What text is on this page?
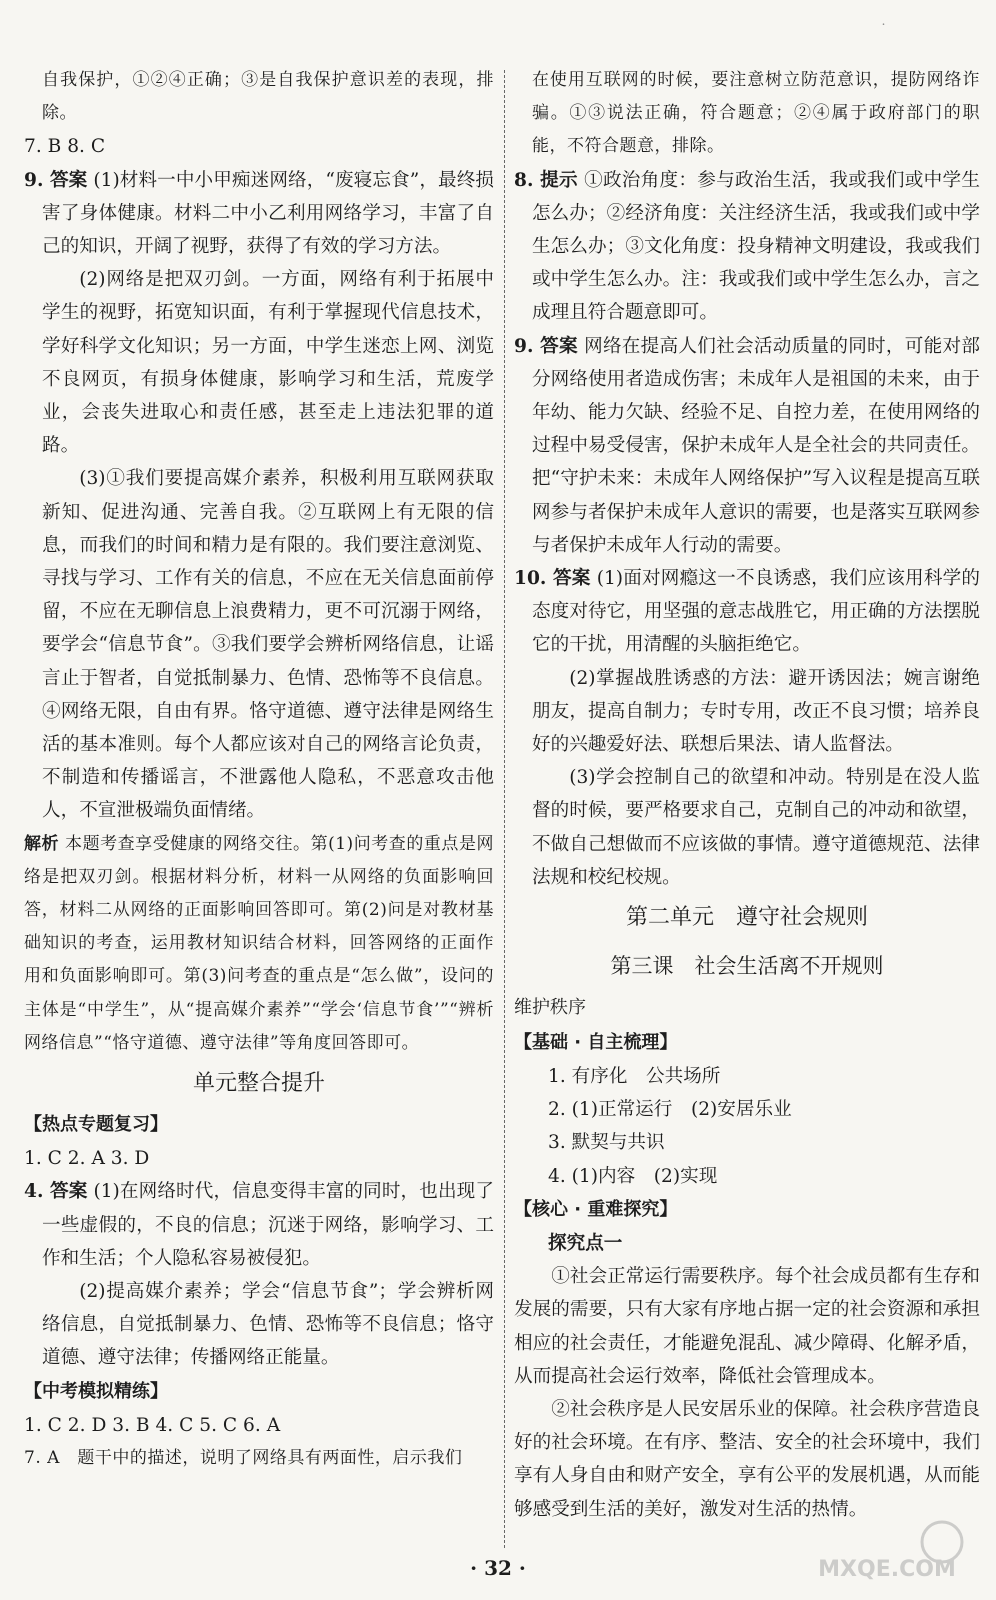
˙

自我保护，①②④正确；③是自我保护意识差的表现，排除。

7. B 8. C

9. 答案 (1)材料一中小甲痴迷网络，“废寝忘食”，最终损害了身体健康。材料二中小乙利用网络学习，丰富了自己的知识，开阔了视野，获得了有效的学习方法。

(2)网络是把双刃剑。一方面，网络有利于拓展中学生的视野，拓宽知识面，有利于掌握现代信息技术，学好科学文化知识；另一方面，中学生迷恋上网、浏览不良网页，有损身体健康，影响学习和生活，荒废学业，会丧失进取心和责任感，甚至走上违法犯罪的道路。

(3)①我们要提高媒介素养，积极利用互联网获取新知、促进沟通、完善自我。②互联网上有无限的信息，而我们的时间和精力是有限的。我们要注意浏览、寻找与学习、工作有关的信息，不应在无关信息面前停留，不应在无聊信息上浪费精力，更不可沉溺于网络，要学会“信息节食”。③我们要学会辨析网络信息，让谣言止于智者，自觉抵制暴力、色情、恐怖等不良信息。④网络无限，自由有界。恪守道德、遵守法律是网络生活的基本准则。每个人都应该对自己的网络言论负责，不制造和传播谣言，不泄露他人隐私，不恶意攻击他人，不宣泄极端负面情绪。

解析 本题考查享受健康的网络交往。第(1)问考查的重点是网络是把双刃剑。根据材料分析，材料一从网络的负面影响回答，材料二从网络的正面影响回答即可。第(2)问是对教材基础知识的考查，运用教材知识结合材料，回答网络的正面作用和负面影响即可。第(3)问考查的重点是“怎么做”，设问的主体是“中学生”，从“提高媒介素养”“学会‘信息节食’”“辨析网络信息”“恪守道德、遵守法律”等角度回答即可。

单元整合提升
【热点专题复习】

1. C 2. A 3. D

4. 答案 (1)在网络时代，信息变得丰富的同时，也出现了一些虚假的，不良的信息；沉迷于网络，影响学习、工作和生活；个人隐私容易被侵犯。

(2)提高媒介素养；学会“信息节食”；学会辨析网络信息，自觉抵制暴力、色情、恐怖等不良信息；恪守道德、遵守法律；传播网络正能量。

【中考模拟精练】

1. C 2. D 3. B 4. C 5. C 6. A

7. A　题干中的描述，说明了网络具有两面性，启示我们

在使用互联网的时候，要注意树立防范意识，提防网络诈骗。①③说法正确，符合题意；②④属于政府部门的职能，不符合题意，排除。

8. 提示 ①政治角度：参与政治生活，我或我们或中学生怎么办；②经济角度：关注经济生活，我或我们或中学生怎么办；③文化角度：投身精神文明建设，我或我们或中学生怎么办。注：我或我们或中学生怎么办，言之成理且符合题意即可。

9. 答案 网络在提高人们社会活动质量的同时，可能对部分网络使用者造成伤害；未成年人是祖国的未来，由于年幼、能力欠缺、经验不足、自控力差，在使用网络的过程中易受侵害，保护未成年人是全社会的共同责任。把“守护未来：未成年人网络保护”写入议程是提高互联网参与者保护未成年人意识的需要，也是落实互联网参与者保护未成年人行动的需要。

10. 答案 (1)面对网瘾这一不良诱惑，我们应该用科学的态度对待它，用坚强的意志战胜它，用正确的方法摆脱它的干扰，用清醒的头脑拒绝它。

(2)掌握战胜诱惑的方法：避开诱因法；婉言谢绝朋友，提高自制力；专时专用，改正不良习惯；培养良好的兴趣爱好法、联想后果法、请人监督法。

(3)学会控制自己的欲望和冲动。特别是在没人监督的时候，要严格要求自己，克制自己的冲动和欲望，不做自己想做而不应该做的事情。遵守道德规范、法律法规和校纪校规。

第二单元　遵守社会规则
第三课　社会生活离不开规则
维护秩序
【基础 · 自主梳理】

1. 有序化　公共场所

2. (1)正常运行　(2)安居乐业

3. 默契与共识

4. (1)内容　(2)实现

【核心 · 重难探究】

探究点一

①社会正常运行需要秩序。每个社会成员都有生存和发展的需要，只有大家有序地占据一定的社会资源和承担相应的社会责任，才能避免混乱、减少障碍、化解矛盾，从而提高社会运行效率，降低社会管理成本。

②社会秩序是人民安居乐业的保障。社会秩序营造良好的社会环境。在有序、整洁、安全的社会环境中，我们享有人身自由和财产安全，享有公平的发展机遇，从而能够感受到生活的美好，激发对生活的热情。

· 32 ·	MXQE.COM
